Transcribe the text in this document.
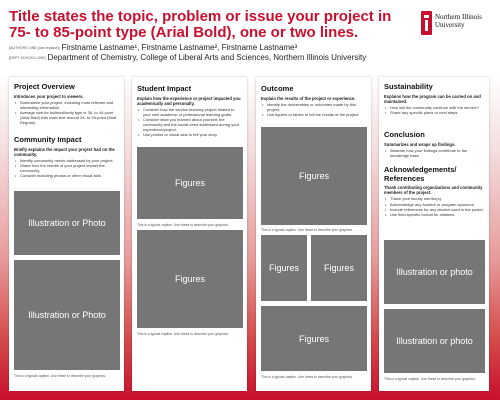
Title states the topic, problem or issue your project in 75- to 85-point type (Arial Bold), one or two lines.
[AUTHORS LINE (can replace)] Firstname Lastname¹, Firstname Lastname², Firstname Lastname³
[DEPT SCHOOL LINE] Department of Chemistry, College of Liberal Arts and Sciences, Northern Illinois University
Northern Illinois
University
Project Overview
Introduces your project to viewers.
• Summarize your project, including most relevant and interesting information.
• Average size for bulleted/body type is 36- to 44-point (Arial Bold) with main text around 24- to 34-point (Arial Regular).
Community Impact
Briefly explains the impact your project had on the community.
• Identify community needs addressed by your project.
• Share how the results of your project impact the community.
• Consider including photos or other visual aids.
Illustration or Photo
Illustration or Photo
This is a typical caption. Use these to describe your graphics.
Student Impact
Explain how the experience or project impacted you academically and personally.
• Consider how the service-learning project related to your own academic or professional learning goals.
• Consider what you learned about yourself, the community and the social need addressed during your experience/project.
• Use photos or visual aids to tell your story.
Figures
This is a typical caption. Use these to describe your graphics.
Figures
This is a typical caption. Use these to describe your graphics.
Outcome
Explain the results of the project or experience.
• Identify the deliverables or outcomes made by this project.
• Use figures or tables to tell the results of the project.
Figures
This is a typical caption. Use these to describe your graphics.
Figures	Figures
Figures
This is a typical caption. Use these to describe your graphics.
Sustainability
Explains how the program can be carried on and maintained.
• How will the community continue with the service?
• Share any specific plans or next steps.
Conclusion
Summarizes and wraps up findings.
• Illustrate how your findings contribute to the knowledge base.
Acknowledgements/
References
Thank contributing organizations and community members of the project.
• Thank your faculty mentor(s).
• Acknowledge any funders or program sponsors.
• Include references for any citation used in the poster.
• Use field-specific format for citations.
Illustration or photo
Illustration or photo
This is a typical caption. Use these to describe your graphics.
